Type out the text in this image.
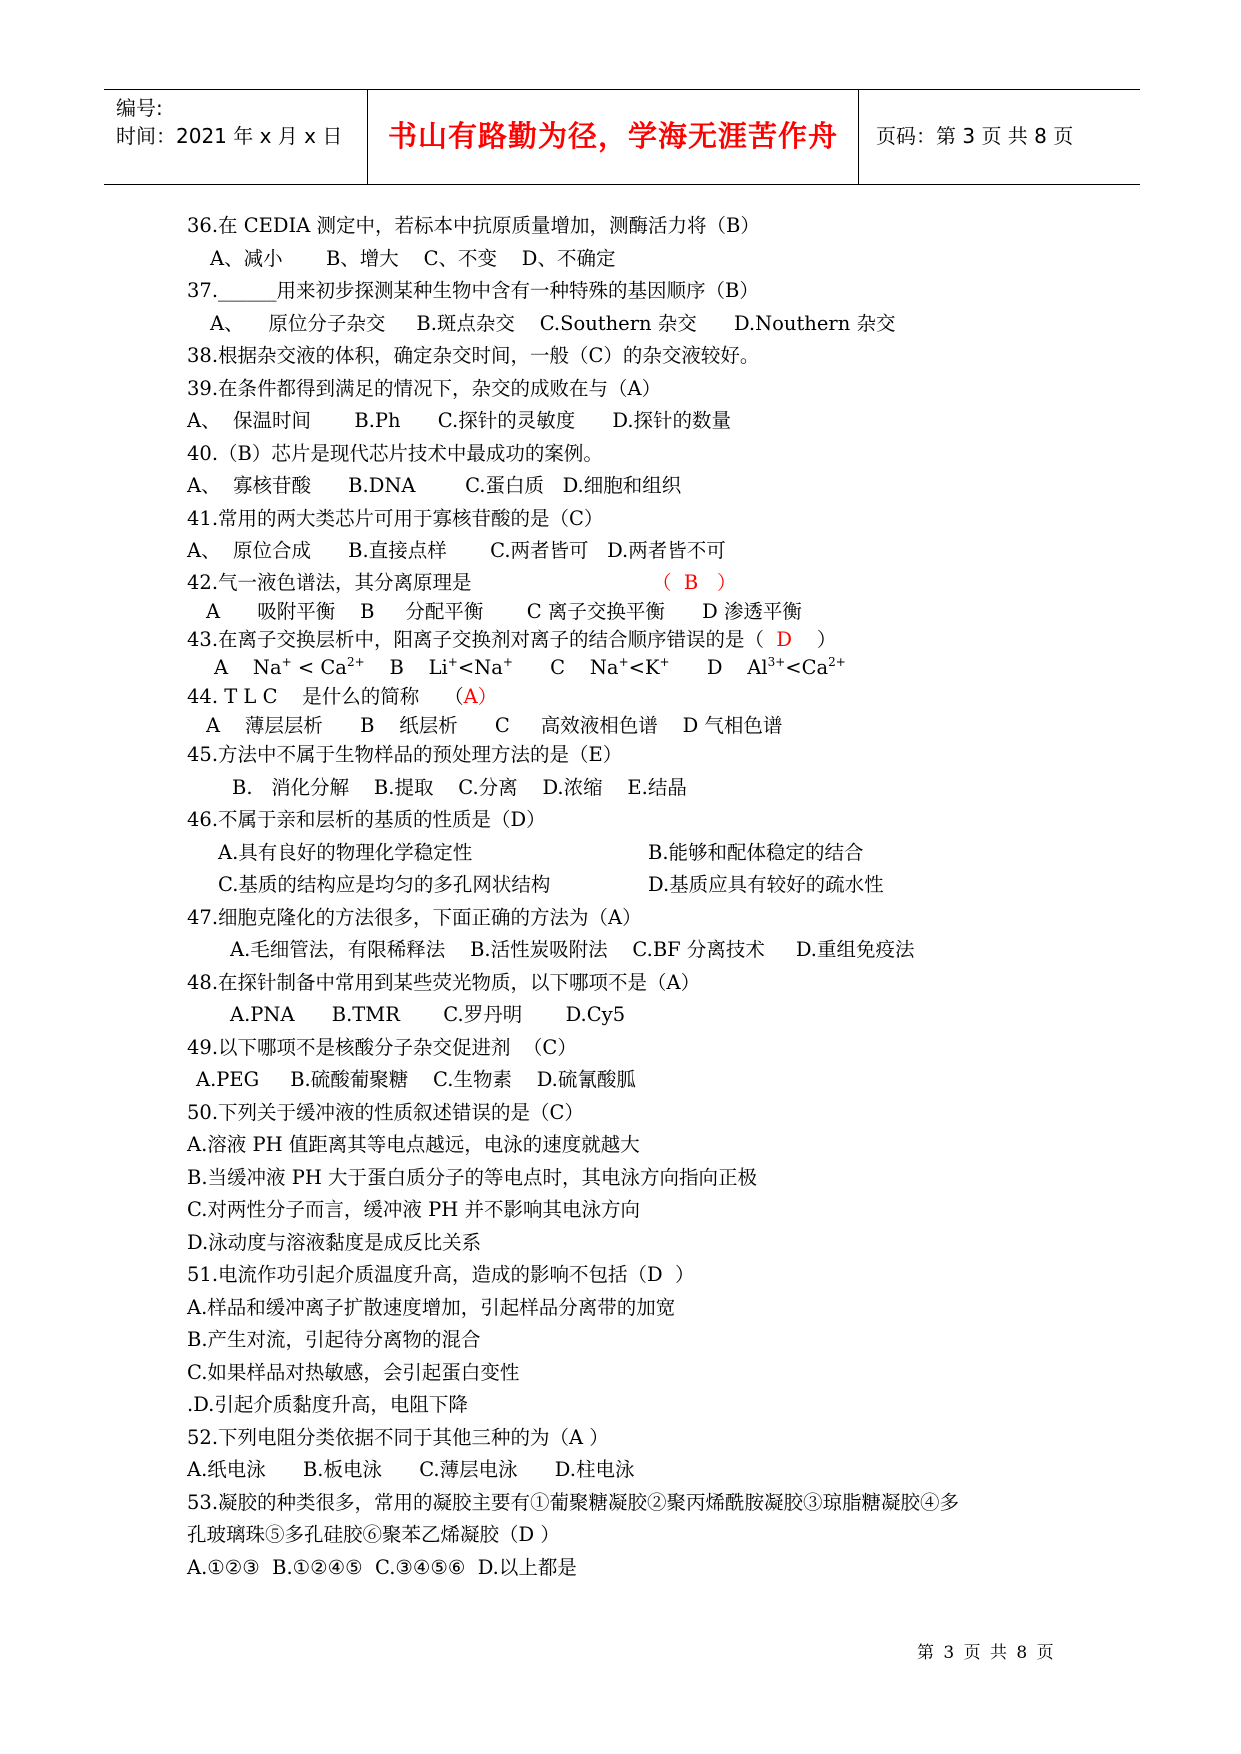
编号:
时间：2021 年 x 月 x 日	书山有路勤为径，学海无涯苦作舟	页码：第 3 页 共 8 页
36.在 CEDIA 测定中，若标本中抗原质量增加，测酶活力将（B）
A、减小       B、增大    C、不变    D、不确定
37.______用来初步探测某种生物中含有一种特殊的基因顺序（B）
A、    原位分子杂交     B.斑点杂交    C.Southern 杂交      D.Nouthern 杂交
38.根据杂交液的体积，确定杂交时间，一般（C）的杂交液较好。
39.在条件都得到满足的情况下，杂交的成败在与（A）
A、  保温时间       B.Ph      C.探针的灵敏度      D.探针的数量
40.（B）芯片是现代芯片技术中最成功的案例。
A、  寡核苷酸      B.DNA        C.蛋白质   D.细胞和组织
41.常用的两大类芯片可用于寡核苷酸的是（C）
A、  原位合成      B.直接点样       C.两者皆可   D.两者皆不可
42.气一液色谱法，其分离原理是	（  B   ）
A      吸附平衡    B     分配平衡       C 离子交换平衡      D 渗透平衡
43.在离子交换层析中，阳离子交换剂对离子的结合顺序错误的是（ D ）
A $Na^+ < Ca^{2+}$ B Li+<Na+ C Na+<K+ D $Al^{3+}<Ca^{2+}$
44. T L C    是什么的简称    （A）
A    薄层层析      B    纸层析      C     高效液相色谱    D 气相色谱
45.方法中不属于生物样品的预处理方法的是（E）
B.   消化分解    B.提取    C.分离    D.浓缩    E.结晶
46.不属于亲和层析的基质的性质是（D）
A.具有良好的物理化学稳定性	B.能够和配体稳定的结合
C.基质的结构应是均匀的多孔网状结构	D.基质应具有较好的疏水性
47.细胞克隆化的方法很多，下面正确的方法为（A）
A.毛细管法，有限稀释法    B.活性炭吸附法    C.BF 分离技术     D.重组免疫法
48.在探针制备中常用到某些荧光物质，以下哪项不是（A）
A.PNA      B.TMR       C.罗丹明       D.Cy5
49.以下哪项不是核酸分子杂交促进剂  （C）
A.PEG     B.硫酸葡聚糖    C.生物素    D.硫氰酸胍
50.下列关于缓冲液的性质叙述错误的是（C）
A.溶液 PH 值距离其等电点越远，电泳的速度就越大
B.当缓冲液 PH 大于蛋白质分子的等电点时，其电泳方向指向正极
C.对两性分子而言，缓冲液 PH 并不影响其电泳方向
D.泳动度与溶液黏度是成反比关系
51.电流作功引起介质温度升高，造成的影响不包括（D  ）
A.样品和缓冲离子扩散速度增加，引起样品分离带的加宽
B.产生对流，引起待分离物的混合
C.如果样品对热敏感，会引起蛋白变性
.D.引起介质黏度升高，电阻下降
52.下列电阻分类依据不同于其他三种的为（A ）
A.纸电泳      B.板电泳      C.薄层电泳      D.柱电泳
53.凝胶的种类很多，常用的凝胶主要有①葡聚糖凝胶②聚丙烯酰胺凝胶③琼脂糖凝胶④多
孔玻璃珠⑤多孔硅胶⑥聚苯乙烯凝胶（D ）
A.①②③  B.①②④⑤  C.③④⑤⑥  D.以上都是
第 3 页 共 8 页
